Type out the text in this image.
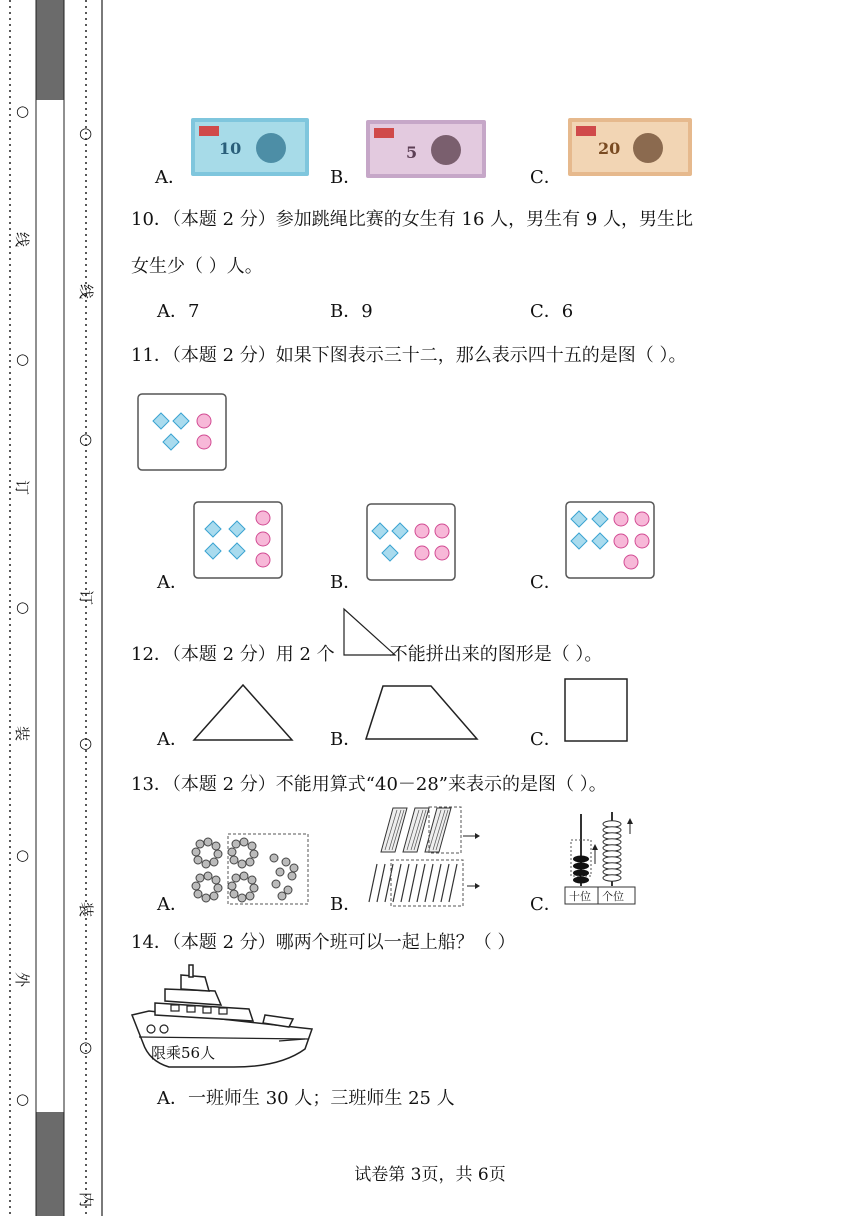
○
线
○
订
○
装
○
外
○
○
线
○
订
○
装
○
内
A．
10
B．
5
C．
20
10．（本题 2 分）参加跳绳比赛的女生有 16 人，男生有 9 人，男生比
女生少（ ）人。
A．7	B．9	C．6
11．（本题 2 分）如果下图表示三十二，那么表示四十五的是图（ ）。
A．	B．	C．
12．（本题 2 分）用 2 个	不能拼出来的图形是（ ）。
A．	B．	C．
13．（本题 2 分）不能用算式“40－28”来表示的是图（ ）。
A．	B．	C． 十位 个位
14．（本题 2 分）哪两个班可以一起上船？（ ）
限乘56人
A．一班师生 30 人；三班师生 25 人
试卷第 3页，共 6页
